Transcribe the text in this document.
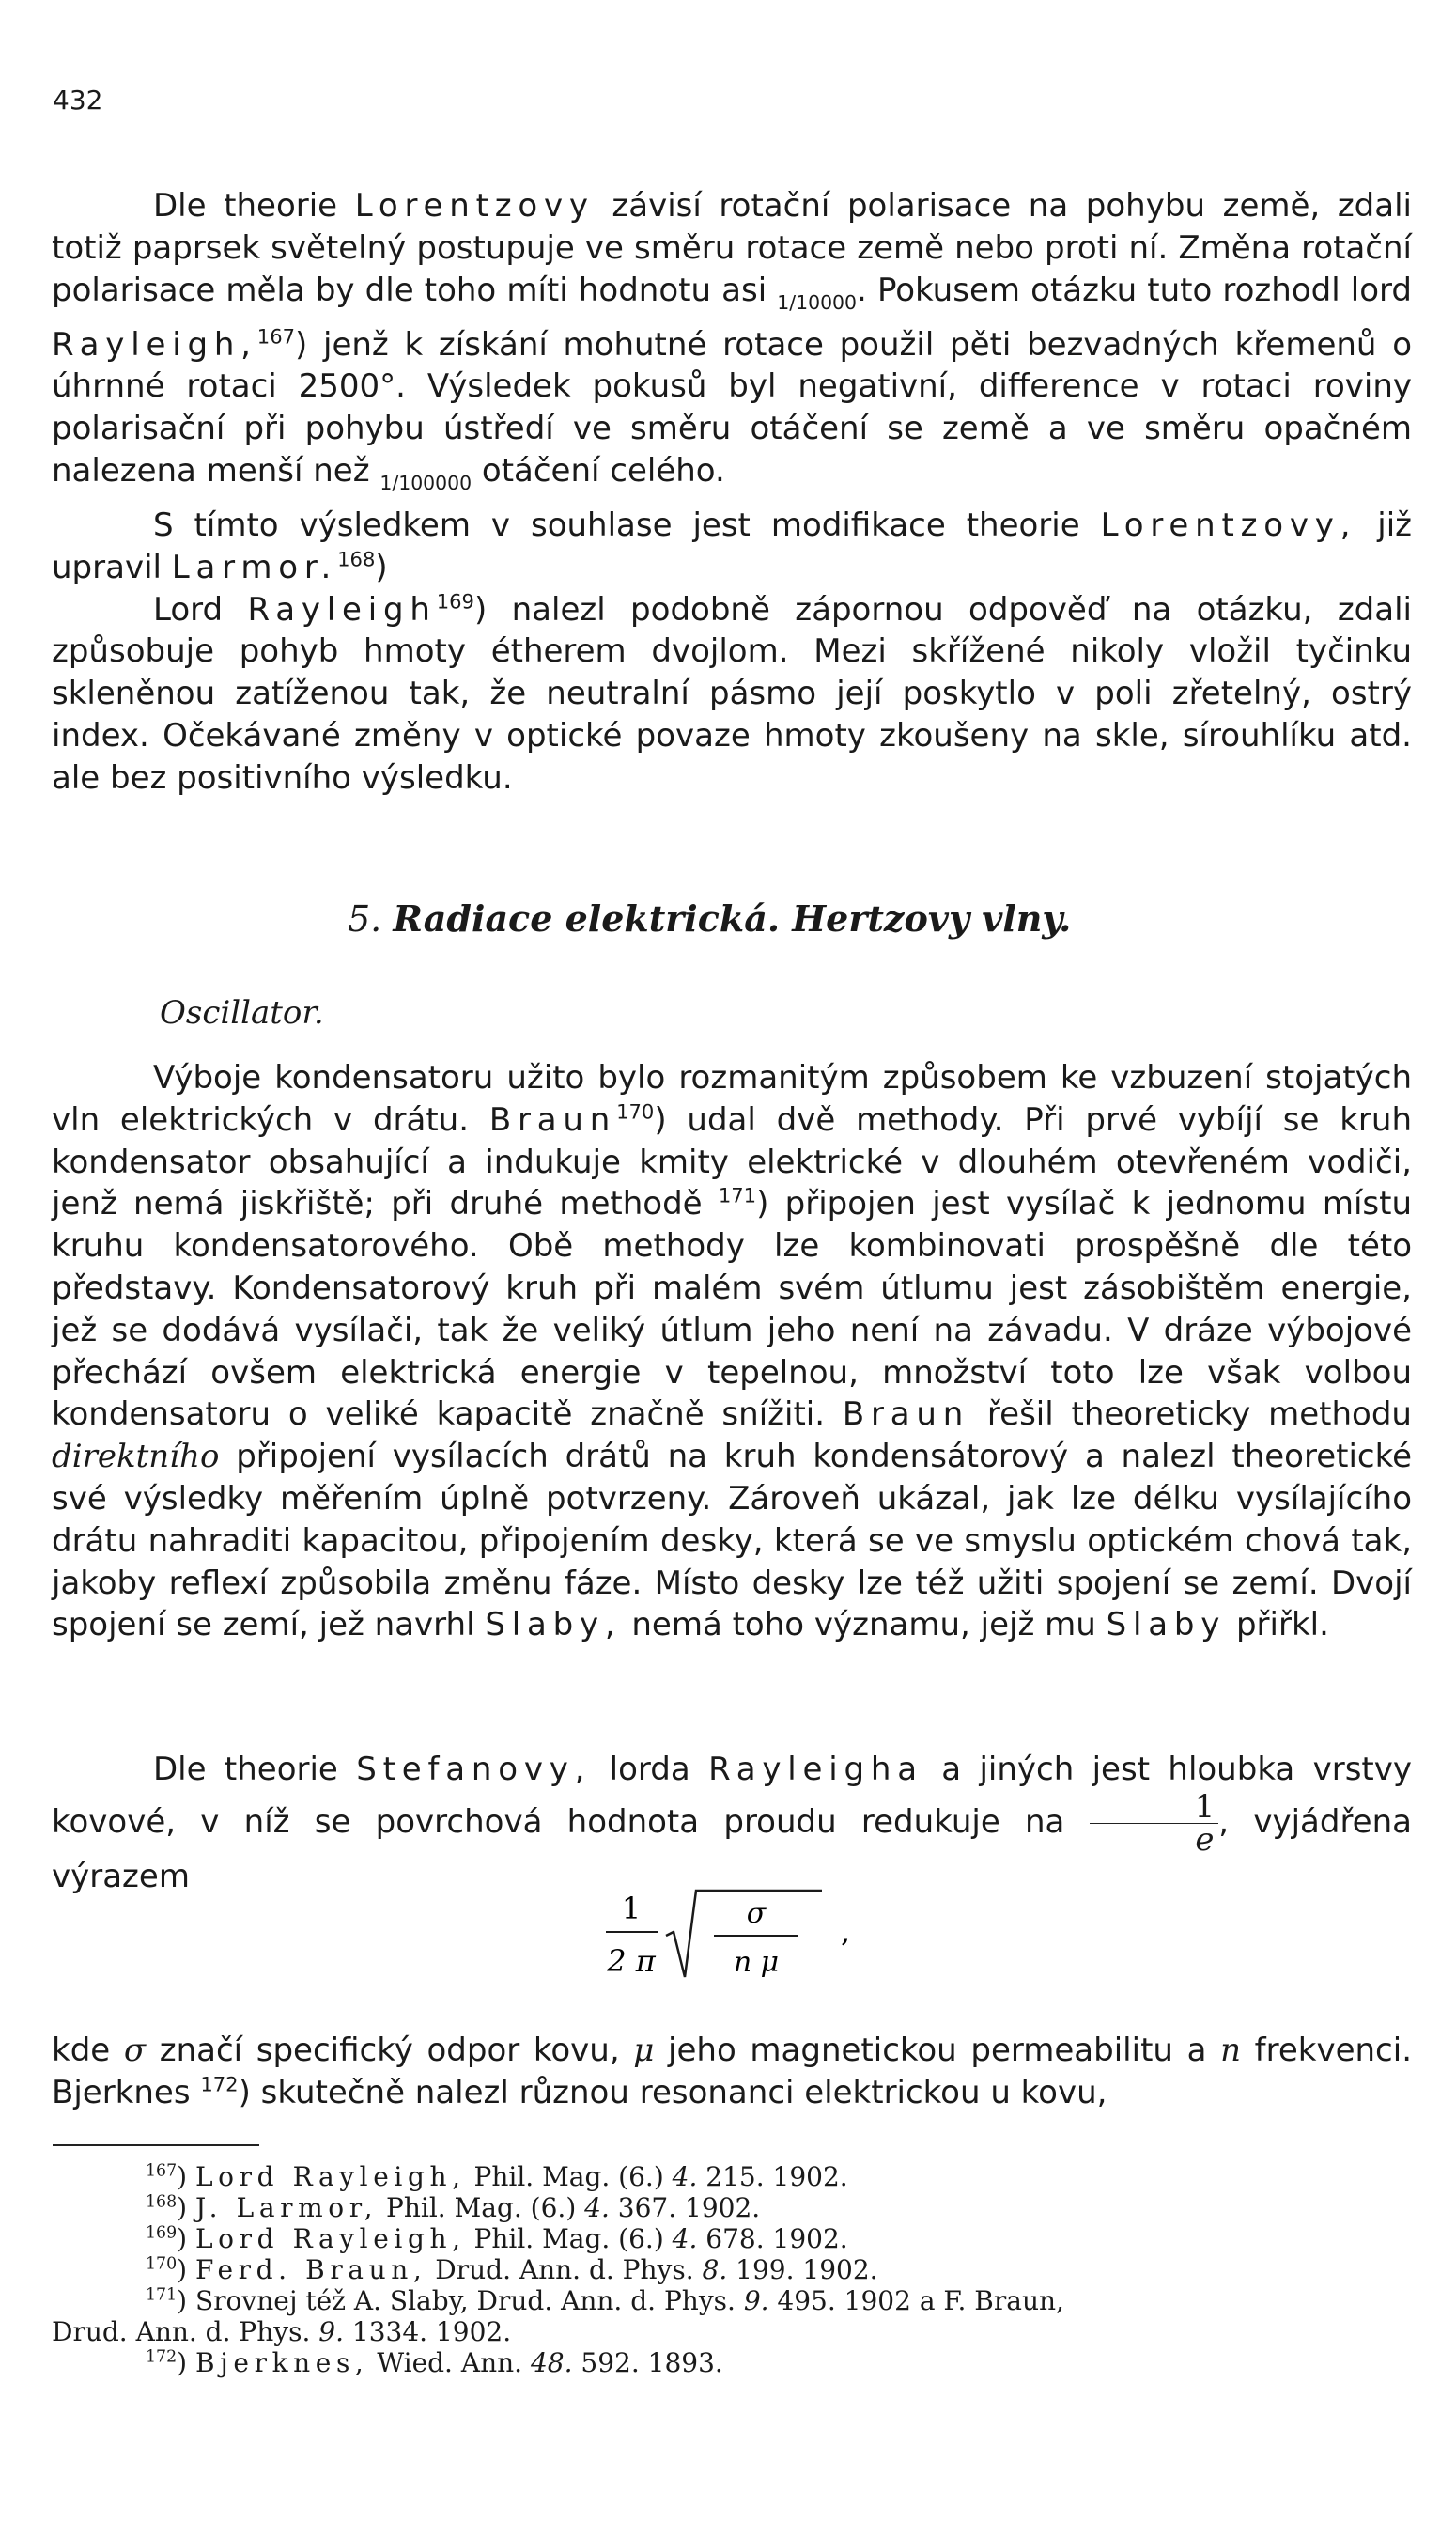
432

Dle theorie Lorentzovy závisí rotační polarisace na pohybu země, zdali totiž paprsek světelný postupuje ve směru rotace země nebo proti ní. Změna rotační polarisace měla by dle toho míti hodnotu asi $_{1/10000}$. Pokusem otázku tuto rozhodl lord Rayleigh,$^{167}$) jenž k získání mohutné rotace použil pěti bezvadných křemenů o úhrnné rotaci 2500°. Výsledek pokusů byl negativní, difference v rotaci roviny polarisační při pohybu ústředí ve směru otáčení se země a ve směru opačném nalezena menší než $_{1/100000}$ otáčení celého.

S tímto výsledkem v souhlase jest modifikace theorie Lorentzovy, již upravil Larmor.$^{168}$)

Lord Rayleigh$^{169}$) nalezl podobně zápornou odpověď na otázku, zdali způsobuje pohyb hmoty étherem dvojlom. Mezi skřížené nikoly vložil tyčinku skleněnou zatíženou tak, že neutralní pásmo její poskytlo v poli zřetelný, ostrý index. Očekávané změny v optické povaze hmoty zkoušeny na skle, sírouhlíku atd. ale bez positivního výsledku.

5. Radiace elektrická. Hertzovy vlny.
Oscillator.

Výboje kondensatoru užito bylo rozmanitým způsobem ke vzbuzení stojatých vln elektrických v drátu. Braun$^{170}$) udal dvě methody. Při prvé vybíjí se kruh kondensator obsahující a indukuje kmity elektrické v dlouhém otevřeném vodiči, jenž nemá jiskřiště; při druhé methodě $^{171}$) připojen jest vysílač k jednomu místu kruhu kondensatorového. Obě methody lze kombinovati prospěšně dle této představy. Kondensatorový kruh při malém svém útlumu jest zásobištěm energie, jež se dodává vysílači, tak že veliký útlum jeho není na závadu. V dráze výbojové přechází ovšem elektrická energie v tepelnou, množství toto lze však volbou kondensatoru o veliké kapacitě značně snížiti. Braun řešil theoreticky methodu direktního připojení vysílacích drátů na kruh kondensátorový a nalezl theoretické své výsledky měřením úplně potvrzeny. Zároveň ukázal, jak lze délku vysílajícího drátu nahraditi kapacitou, připojením desky, která se ve smyslu optickém chová tak, jakoby reflexí způsobila změnu fáze. Místo desky lze též užiti spojení se zemí. Dvojí spojení se zemí, jež navrhl Slaby, nemá toho významu, jejž mu Slaby přiřkl.

Dle theorie Stefanovy, lorda Rayleigha a jiných jest hloubka vrstvy kovové, v níž se povrchová hodnota proudu redukuje na $\frac{1}{e}$ , vyjádřena výrazem

1
2 π
σ
n μ
,

kde σ značí specifický odpor kovu, μ jeho magnetickou permeabilitu a n frekvenci. Bjerknes $^{172}$) skutečně nalezl různou resonanci elektrickou u kovu,

$^{167}$) Lord Rayleigh, Phil. Mag. (6.) 4. 215. 1902.

$^{168}$) J. Larmor, Phil. Mag. (6.) 4. 367. 1902.

$^{169}$) Lord Rayleigh, Phil. Mag. (6.) 4. 678. 1902.

$^{170}$) Ferd. Braun, Drud. Ann. d. Phys. 8. 199. 1902.

$^{171}$) Srovnej též A. Slaby, Drud. Ann. d. Phys. 9. 495. 1902 a F. Braun,

Drud. Ann. d. Phys. 9. 1334. 1902.

$^{172}$) Bjerknes, Wied. Ann. 48. 592. 1893.
